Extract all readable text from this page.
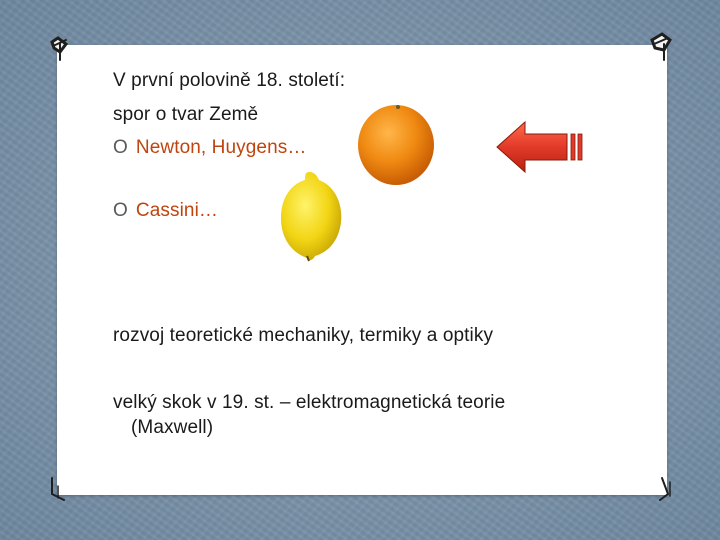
V první polovině 18. století:
spor o tvar Země
O Newton, Huygens…
O Cassini…
rozvoj teoretické mechaniky, termiky a optiky
velký skok v 19. st. – elektromagnetická teorie
(Maxwell)
